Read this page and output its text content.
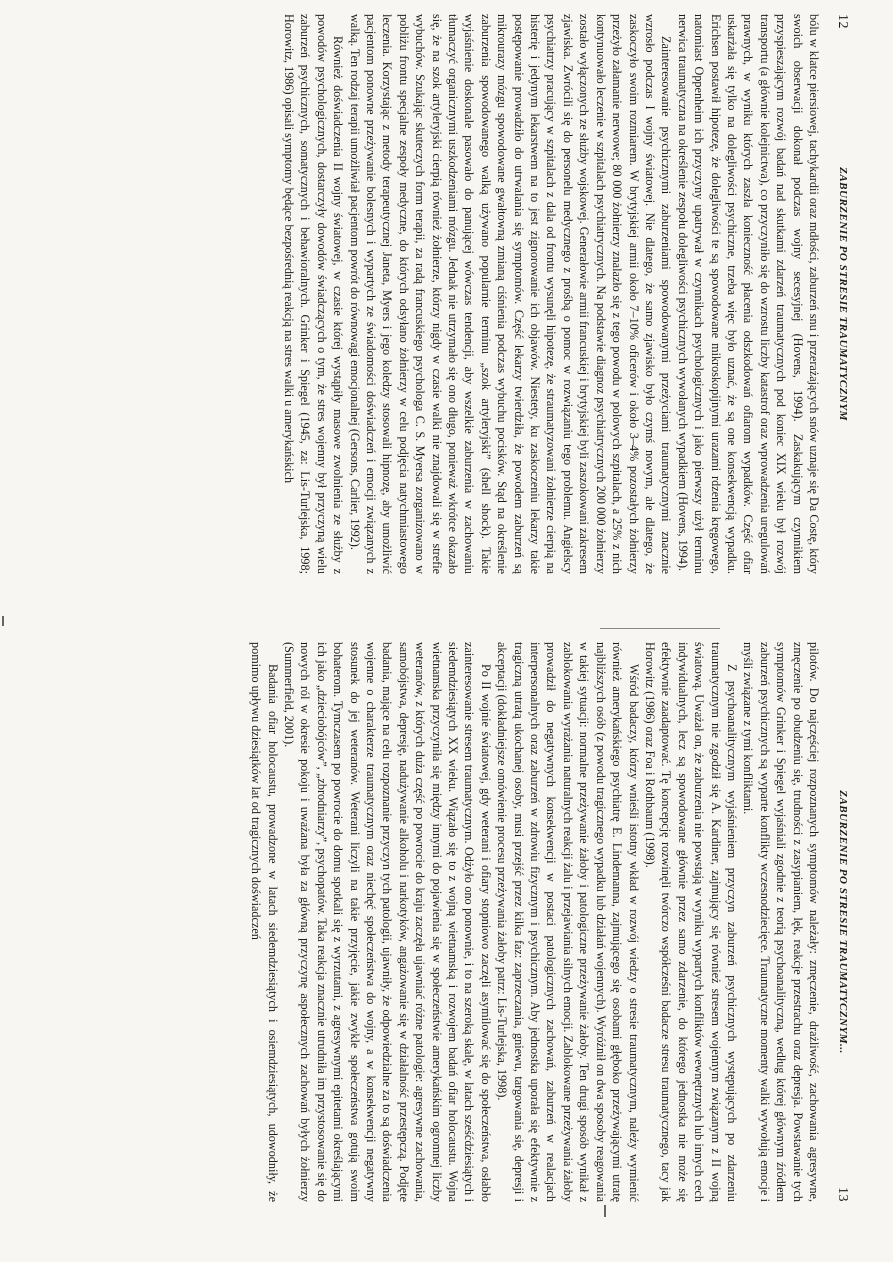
12
ZABURZENIE PO STRESIE TRAUMATYCZNYM

bólu w klatce piersiowej, tachykardii oraz mdłości, zaburzeń snu i przerażających snów uznaje się Da Costę, który swoich obserwacji dokonał podczas wojny secesyjnej (Hovens, 1994). Zaskakującym czynnikiem przyspieszającym rozwój badań nad skutkami zdarzeń traumatycznych pod koniec XIX wieku był rozwój transportu (a głównie kolejnictwa), co przyczyniło się do wzrostu liczby katastrof oraz wprowadzenia uregulowań prawnych, w wyniku których zaszła konieczność płacenia odszkodowań ofiarom wypadków. Część ofiar uskarżała się tylko na dolegliwości psychiczne, trzeba więc było uznać, że są one konsekwencją wypadku. Erichsen postawił hipotezę, że dolegliwości te są spowodowane mikroskopijnymi urazami rdzenia kręgowego, natomiast Oppenheim ich przyczyny upatrywał w czynnikach psychologicznych i jako pierwszy użył terminu nerwica traumatyczna na określenie zespołu dolegliwości psychicznych wywołanych wypadkiem (Hovens, 1994).

Zainteresowanie psychicznymi zaburzeniami spowodowanymi przeżyciami traumatycznymi znacznie wzrosło podczas I wojny światowej. Nie dlatego, że samo zjawisko było czymś nowym, ale dlatego, że zaskoczyło swoim rozmiarem. W brytyjskiej armii około 7–10% oficerów i około 3–4% pozostałych żołnierzy przeżyło załamanie nerwowe; 80 000 żołnierzy znalazło się z tego powodu w polowych szpitalach, a 25% z nich kontynuowało leczenie w szpitalach psychiatrycznych. Na podstawie diagnoz psychiatrycznych 200 000 żołnierzy zostało wyłączonych ze służby wojskowej. Generałowie armii francuskiej i brytyjskiej byli zaszokowani zakresem zjawiska. Zwrócili się do personelu medycznego z prośbą o pomoc w rozwiązaniu tego problemu. Angielscy psychiatrzy pracujący w szpitalach z dala od frontu wysunęli hipotezę, że straumatyzowani żołnierze cierpią na histerię i jedynym lekarstwem na to jest zignorowanie ich objawów. Niestety, ku zaskoczeniu lekarzy takie postępowanie prowadziło do utrwalania się symptomów. Część lekarzy twierdziła, że powodem zaburzeń są mikrourazy mózgu spowodowane gwałtowną zmianą ciśnienia podczas wybuchu pocisków. Stąd na określenie zaburzenia spowodowanego walką używano popularnie terminu „szok artyleryjski” (shell shock). Takie wyjaśnienie doskonale pasowało do panującej wówczas tendencji, aby wszelkie zaburzenia w zachowaniu tłumaczyć organicznymi uszkodzeniami mózgu. Jednak nie utrzymało się ono długo, ponieważ wkrótce okazało się, że na szok artyleryjski cierpią również żołnierze, którzy nigdy w czasie walki nie znajdowali się w strefie wybuchów. Szukając skuteczych form terapii, za radą francuskiego psychologa C. S. Myersa zorganizowano w pobliżu frontu specjalne zespoły medyczne, do których odsyłano żołnierzy w celu podjęcia natychmiastowego leczenia. Korzystając z metody terapeutycznej Janeta, Myers i jego koledzy stosowali hipnozę, aby umożliwić pacjentom ponowne przeżywanie bolesnych i wypartych ze świadomości doświadczeń i emocji związanych z walką. Ten rodzaj terapii umożliwiał pacjentom powrót do równowagi emocjonalnej (Gersons, Carlier, 1992).

Również doświadczenia II wojny światowej, w czasie której wystąpiły masowe zwolnienia ze służby z powodów psychologicznych, dostarczyły dowodów świadczących o tym, że stres wojenny był przyczyną wielu zaburzeń psychicznych, somatycznych i behawioralnych. Grinker i Spiegel (1945, za: Lis-Turlejska, 1998; Horowitz, 1986) opisali symptomy będące bezpośrednią reakcją na stres walki u amerykańskich

ZABURZENIE PO STRESIE TRAUMATYCZNYM...
13

pilotów. Do najczęściej rozpoznanych symptomów należały: zmęczenie, drażliwość, zachowania agresywne, zmęczenie po obudzeniu się, trudności z zasypianiem, lęk, reakcje przestrachu oraz depresja. Powstawanie tych symptomów Grinker i Spiegel wyjaśniali zgodnie z teorią psychoanalityczną, według której głównym źródłem zaburzeń psychicznych są wyparte konflikty wczesnodziecięce. Traumatyczne momenty walki wywołują emocje i myśli związane z tymi konfliktami.

Z psychoanalitycznym wyjaśnieniem przyczyn zaburzeń psychicznych występujących po zdarzeniu traumatycznym nie zgodził się A. Kardiner, zajmujący się również stresem wojennym związanym z II wojną światową. Uważał on, że zaburzenia nie powstają w wyniku wypartych konfliktów wewnętrznych lub innych cech indywidualnych, lecz są spowodowane głównie przez samo zdarzenie, do którego jednostka nie może się efektywnie zaadaptować. Tę koncepcję rozwinęli twórczo współcześni badacze stresu traumatycznego, tacy jak Horowitz (1986) oraz Foa i Rothbaum (1998).

Wśród badaczy, którzy wnieśli istotny wkład w rozwój wiedzy o stresie traumatycznym, należy wymienić również amerykańskiego psychiatrę E. Lindemanna, zajmującego się osobami głęboko przeżywającymi utratę najbliższych osób (z powodu tragicznego wypadku lub działań wojennych). Wyróżnił on dwa sposoby reagowania w takiej sytuacji: normalne przeżywanie żałoby i patologiczne przeżywanie żałoby. Ten drugi sposób wynikał z zablokowania wyrażania naturalnych reakcji żalu i przejawiania silnych emocji. Zablokowane przeżywania żałoby prowadził do negatywnych konsekwencji w postaci patologicznych zachowań, zaburzeń w realacjach interpersonalnych oraz zaburzeń w zdrowiu fizycznym i psychicznym. Aby jednostka uporała się efektywnie z tragiczną utratą ukochanej osoby, musi przejść przez kilka faz: zaprzeczania, gniewu, targowania się, depresji i akceptacji (dokładniejsze omówienie procesu przeżywania żałoby patrz: Lis-Turlejska, 1998).

Po II wojnie światowej, gdy weterani i ofiary stopniowo zaczęli asymilować się do społeczeństwa, osłabło zainteresowanie stresem traumatycznym. Odżyło ono ponownie, i to na szeroką skalę, w latach sześćdziesiątych i siedemdziesiątych XX wieku. Wiązało się to z wojną wietnamską i rozwojem badań ofiar holocaustu. Wojna wietnamska przyczyniła się między innymi do pojawienia się w społeczeństwie amerykańskim ogromnej liczby weteranów, z których duża część po powrocie do kraju zaczęła ujawniać różne patologie: agresywne zachowania, samobójstwa, depresję, nadużywanie alkoholu i narkotyków, angażowanie się w działalność przestępczą. Podjęte badania, mające na celu rozpoznanie przyczyn tych patologii, ujawniły, że odpowiedzialne za to są doświadczenia wojenne o charakterze traumatycznym oraz niechęć społeczeństwa do wojny, a w konsekwencji negatywny stosunek do jej weteranów. Weterani liczyli na takie przyjęcie, jakie zwykle społeczeństwa gotują swoim bohaterom. Tymczasem po powrocie do domu spotkali się z wyrzutami, z agresywnymi epitetami określającymi ich jako „dzieciobójców”, „zbrodniarzy”, psychopatów. Taka reakcja znacznie utrudniła im przystosowanie się do nowych ról w okresie pokoju i uważana była za główną przyczynę aspołecznych zachowań byłych żołnierzy (Summerfield, 2001).

Badania ofiar holocaustu, prowadzone w latach siedemdziesiątych i osiemdziesiątych, udowodniły, że pomimo upływu dziesiątków lat od tragicznych doświadczeń
